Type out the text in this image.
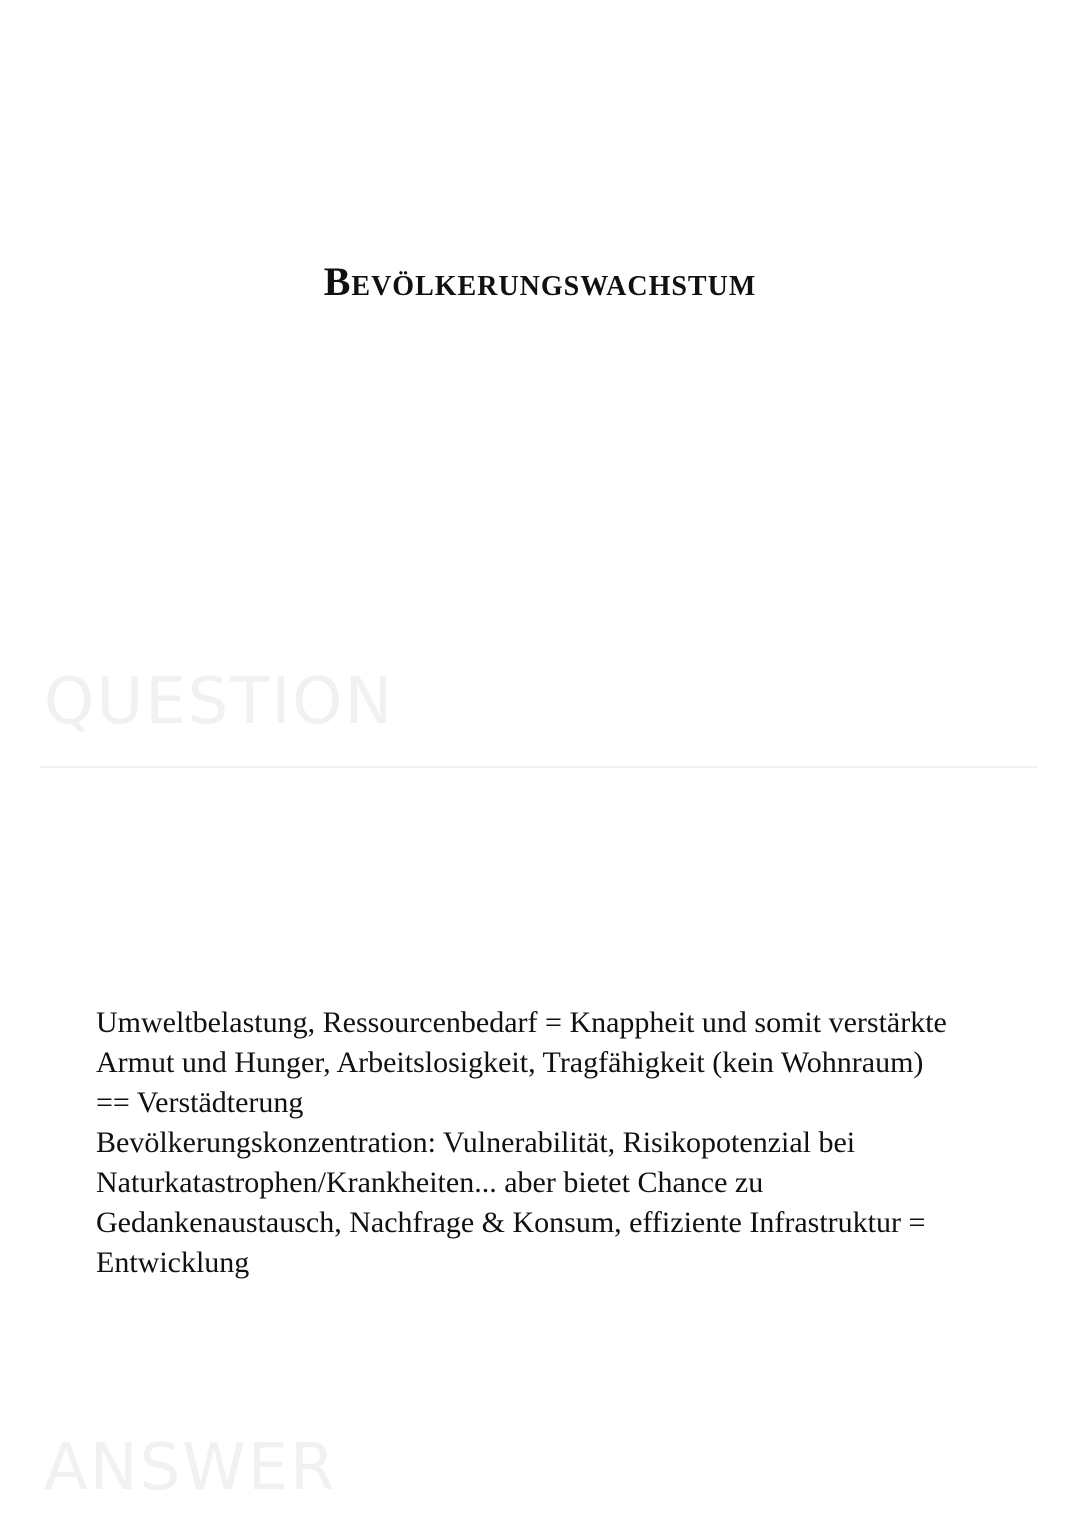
Bevölkerungswachstum
QUESTION

Umweltbelastung, Ressourcenbedarf = Knappheit und somit verstärkte
Armut und Hunger, Arbeitslosigkeit, Tragfähigkeit (kein Wohnraum)
== Verstädterung
Bevölkerungskonzentration: Vulnerabilität, Risikopotenzial bei
Naturkatastrophen/Krankheiten... aber bietet Chance zu
Gedankenaustausch, Nachfrage & Konsum, effiziente Infrastruktur =
Entwicklung

ANSWER
